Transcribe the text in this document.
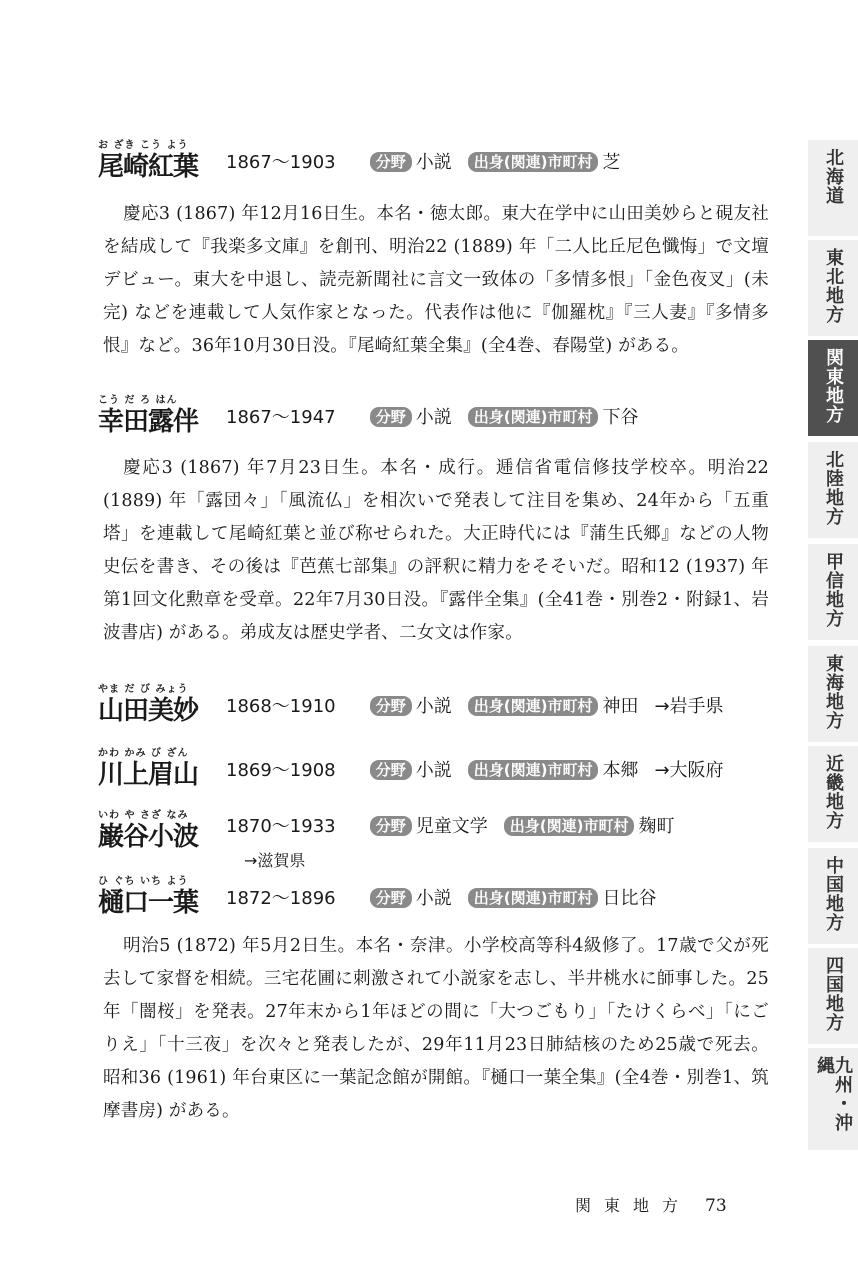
お ざき こう よう
尾崎紅葉	1867～1903	分野 小説 出身(関連)市町村 芝
慶応3 (1867) 年12月16日生。本名・徳太郎。東大在学中に山田美妙らと硯友社を結成して『我楽多文庫』を創刊、明治22 (1889) 年「二人比丘尼色懺悔」で文壇デビュー。東大を中退し、読売新聞社に言文一致体の「多情多恨」「金色夜叉」(未完) などを連載して人気作家となった。代表作は他に『伽羅枕』『三人妻』『多情多恨』など。36年10月30日没。『尾崎紅葉全集』(全4巻、春陽堂) がある。
こう だ ろ はん
幸田露伴	1867～1947	分野 小説 出身(関連)市町村 下谷
慶応3 (1867) 年7月23日生。本名・成行。逓信省電信修技学校卒。明治22 (1889) 年「露団々」「風流仏」を相次いで発表して注目を集め、24年から「五重塔」を連載して尾崎紅葉と並び称せられた。大正時代には『蒲生氏郷』などの人物史伝を書き、その後は『芭蕉七部集』の評釈に精力をそそいだ。昭和12 (1937) 年第1回文化勲章を受章。22年7月30日没。『露伴全集』(全41巻・別巻2・附録1、岩波書店) がある。弟成友は歴史学者、二女文は作家。
やま だ び みょう
山田美妙	1868～1910	分野 小説 出身(関連)市町村 神田 →岩手県
かわ かみ び ざん
川上眉山	1869～1908	分野 小説 出身(関連)市町村 本郷 →大阪府
いわ や さざ なみ
巌谷小波	1870～1933	分野 児童文学 出身(関連)市町村 麹町
→滋賀県
ひ ぐち いち よう
樋口一葉	1872～1896	分野 小説 出身(関連)市町村 日比谷
明治5 (1872) 年5月2日生。本名・奈津。小学校高等科4級修了。17歳で父が死去して家督を相続。三宅花圃に刺激されて小説家を志し、半井桃水に師事した。25年「闇桜」を発表。27年末から1年ほどの間に「大つごもり」「たけくらべ」「にごりえ」「十三夜」を次々と発表したが、29年11月23日肺結核のため25歳で死去。昭和36 (1961) 年台東区に一葉記念館が開館。『樋口一葉全集』(全4巻・別巻1、筑摩書房) がある。
北海道
東北地方
関東地方
北陸地方
甲信地方
東海地方
近畿地方
中国地方
四国地方
九州・沖縄
関東地方 73
